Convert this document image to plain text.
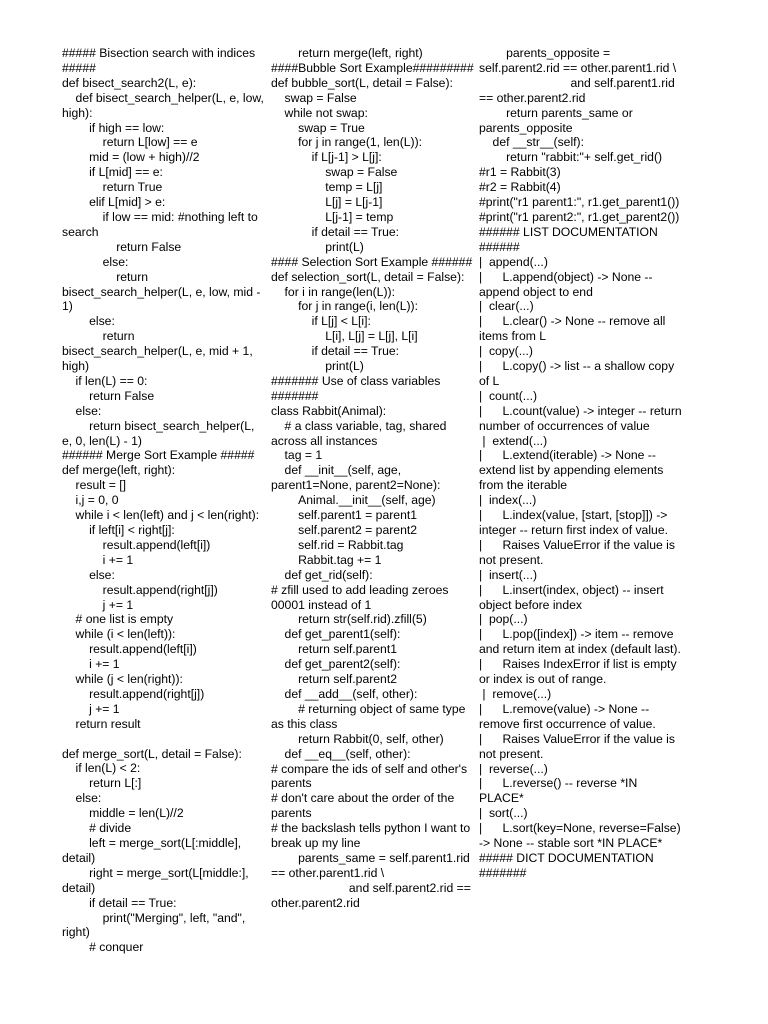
##### Bisection search with indices #####
def bisect_search2(L, e):
def bisect_search_helper(L, e, low, high):
if high == low:
return L[low] == e
mid = (low + high)//2
if L[mid] == e:
return True
elif L[mid] > e:
if low == mid: #nothing left to search
return False
else:
return bisect_search_helper(L, e, low, mid - 1)
else:
return bisect_search_helper(L, e, mid + 1, high)
if len(L) == 0:
return False
else:
return bisect_search_helper(L, e, 0, len(L) - 1)
###### Merge Sort Example #####
def merge(left, right):
result = []
i,j = 0, 0
while i < len(left) and j < len(right):
if left[i] < right[j]:
result.append(left[i])
i += 1
else:
result.append(right[j])
j += 1
# one list is empty
while (i < len(left)):
result.append(left[i])
i += 1
while (j < len(right)):
result.append(right[j])
j += 1
return result
def merge_sort(L, detail = False):
if len(L) < 2:
return L[:]
else:
middle = len(L)//2
# divide
left = merge_sort(L[:middle], detail)
right = merge_sort(L[middle:], detail)
if detail == True:
print("Merging", left, "and", right)
# conquer
return merge(left, right)
####Bubble Sort Example#########
def bubble_sort(L, detail = False):
swap = False
while not swap:
swap = True
for j in range(1, len(L)):
if L[j-1] > L[j]:
swap = False
temp = L[j]
L[j] = L[j-1]
L[j-1] = temp
if detail == True:
print(L)
#### Selection Sort Example ######
def selection_sort(L, detail = False):
for i in range(len(L)):
for j in range(i, len(L)):
if L[j] < L[i]:
L[i], L[j] = L[j], L[i]
if detail == True:
print(L)
####### Use of class variables #######
class Rabbit(Animal):
# a class variable, tag, shared across all instances
tag = 1
def __init__(self, age, parent1=None, parent2=None):
Animal.__init__(self, age)
self.parent1 = parent1
self.parent2 = parent2
self.rid = Rabbit.tag
Rabbit.tag += 1
def get_rid(self):
# zfill used to add leading zeroes 00001 instead of 1
return str(self.rid).zfill(5)
def get_parent1(self):
return self.parent1
def get_parent2(self):
return self.parent2
def __add__(self, other):
# returning object of same type as this class
return Rabbit(0, self, other)
def __eq__(self, other):
# compare the ids of self and other's parents
# don't care about the order of the parents
# the backslash tells python I want to break up my line
parents_same = self.parent1.rid == other.parent1.rid \
and self.parent2.rid == other.parent2.rid
parents_opposite = self.parent2.rid == other.parent1.rid \
and self.parent1.rid == other.parent2.rid
return parents_same or parents_opposite
def __str__(self):
return "rabbit:"+ self.get_rid()
#r1 = Rabbit(3)
#r2 = Rabbit(4)
#print("r1 parent1:", r1.get_parent1())
#print("r1 parent2:", r1.get_parent2())
###### LIST DOCUMENTATION ######
|  append(...)
|      L.append(object) -> None -- append object to end
|  clear(...)
|      L.clear() -> None -- remove all items from L
|  copy(...)
|      L.copy() -> list -- a shallow copy of L
|  count(...)
|      L.count(value) -> integer -- return number of occurrences of value
|  extend(...)
|      L.extend(iterable) -> None -- extend list by appending elements from the iterable
|  index(...)
|      L.index(value, [start, [stop]]) -> integer -- return first index of value.
|      Raises ValueError if the value is not present.
|  insert(...)
|      L.insert(index, object) -- insert object before index
|  pop(...)
|      L.pop([index]) -> item -- remove and return item at index (default last).
|      Raises IndexError if list is empty or index is out of range.
|  remove(...)
|      L.remove(value) -> None -- remove first occurrence of value.
|      Raises ValueError if the value is not present.
|  reverse(...)
|      L.reverse() -- reverse *IN PLACE*
|  sort(...)
|      L.sort(key=None, reverse=False) -> None -- stable sort *IN PLACE*
##### DICT DOCUMENTATION #######
